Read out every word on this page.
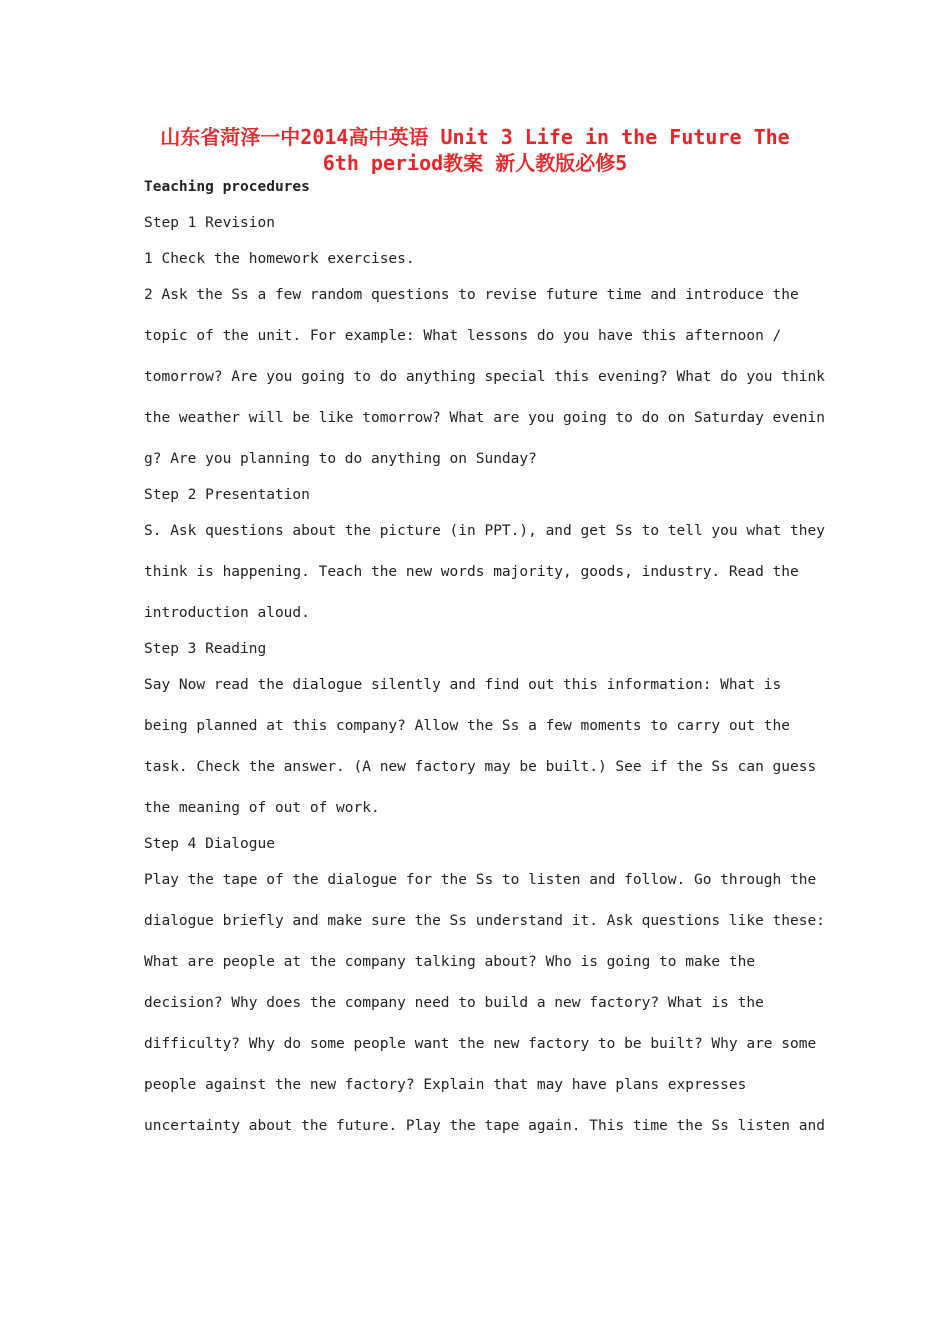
山东省菏泽一中2014高中英语 Unit 3 Life in the Future The
6th period教案 新人教版必修5
Teaching procedures
Step 1 Revision
1 Check the homework exercises.
2 Ask the Ss a few random questions to revise future time and introduce the
topic of the unit. For example: What lessons do you have this afternoon /
tomorrow? Are you going to do anything special this evening? What do you think
the weather will be like tomorrow? What are you going to do on Saturday evenin
g? Are you planning to do anything on Sunday?
Step 2 Presentation
S. Ask questions about the picture (in PPT.), and get Ss to tell you what they
think is happening. Teach the new words majority, goods, industry. Read the
introduction aloud.
Step 3 Reading
Say Now read the dialogue silently and find out this information: What is
being planned at this company? Allow the Ss a few moments to carry out the
task. Check the answer. (A new factory may be built.) See if the Ss can guess
the meaning of out of work.
Step 4 Dialogue
Play the tape of the dialogue for the Ss to listen and follow. Go through the
dialogue briefly and make sure the Ss understand it. Ask questions like these:
What are people at the company talking about? Who is going to make the
decision? Why does the company need to build a new factory? What is the
difficulty? Why do some people want the new factory to be built? Why are some
people against the new factory? Explain that may have plans expresses
uncertainty about the future. Play the tape again. This time the Ss listen and
